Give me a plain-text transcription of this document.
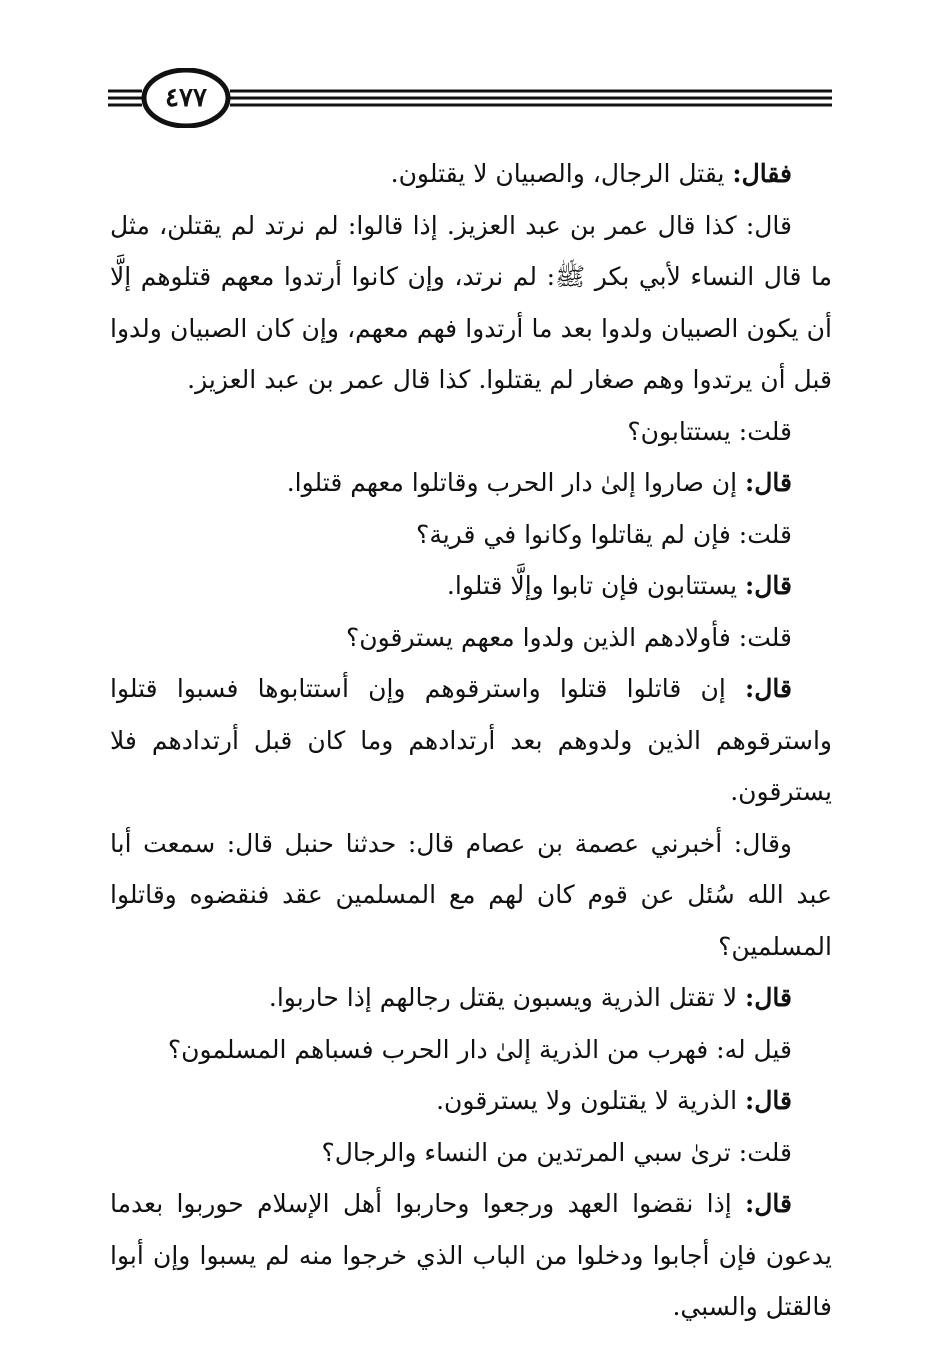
٤٧٧

فقال: يقتل الرجال، والصبيان لا يقتلون.

قال: كذا قال عمر بن عبد العزيز. إذا قالوا: لم نرتد لم يقتلن، مثل ما قال النساء لأبي بكر ﷺ: لم نرتد، وإن كانوا أرتدوا معهم قتلوهم إلَّا أن يكون الصبيان ولدوا بعد ما أرتدوا فهم معهم، وإن كان الصبيان ولدوا قبل أن يرتدوا وهم صغار لم يقتلوا. كذا قال عمر بن عبد العزيز.

قلت: يستتابون؟

قال: إن صاروا إلىٰ دار الحرب وقاتلوا معهم قتلوا.

قلت: فإن لم يقاتلوا وكانوا في قرية؟

قال: يستتابون فإن تابوا وإلَّا قتلوا.

قلت: فأولادهم الذين ولدوا معهم يسترقون؟

قال: إن قاتلوا قتلوا واسترقوهم وإن أستتابوها فسبوا قتلوا واسترقوهم الذين ولدوهم بعد أرتدادهم وما كان قبل أرتدادهم فلا يسترقون.

وقال: أخبرني عصمة بن عصام قال: حدثنا حنبل قال: سمعت أبا عبد الله سُئل عن قوم كان لهم مع المسلمين عقد فنقضوه وقاتلوا المسلمين؟

قال: لا تقتل الذرية ويسبون يقتل رجالهم إذا حاربوا.

قيل له: فهرب من الذرية إلىٰ دار الحرب فسباهم المسلمون؟

قال: الذرية لا يقتلون ولا يسترقون.

قلت: ترىٰ سبي المرتدين من النساء والرجال؟

قال: إذا نقضوا العهد ورجعوا وحاربوا أهل الإسلام حوربوا بعدما يدعون فإن أجابوا ودخلوا من الباب الذي خرجوا منه لم يسبوا وإن أبوا فالقتل والسبي.
